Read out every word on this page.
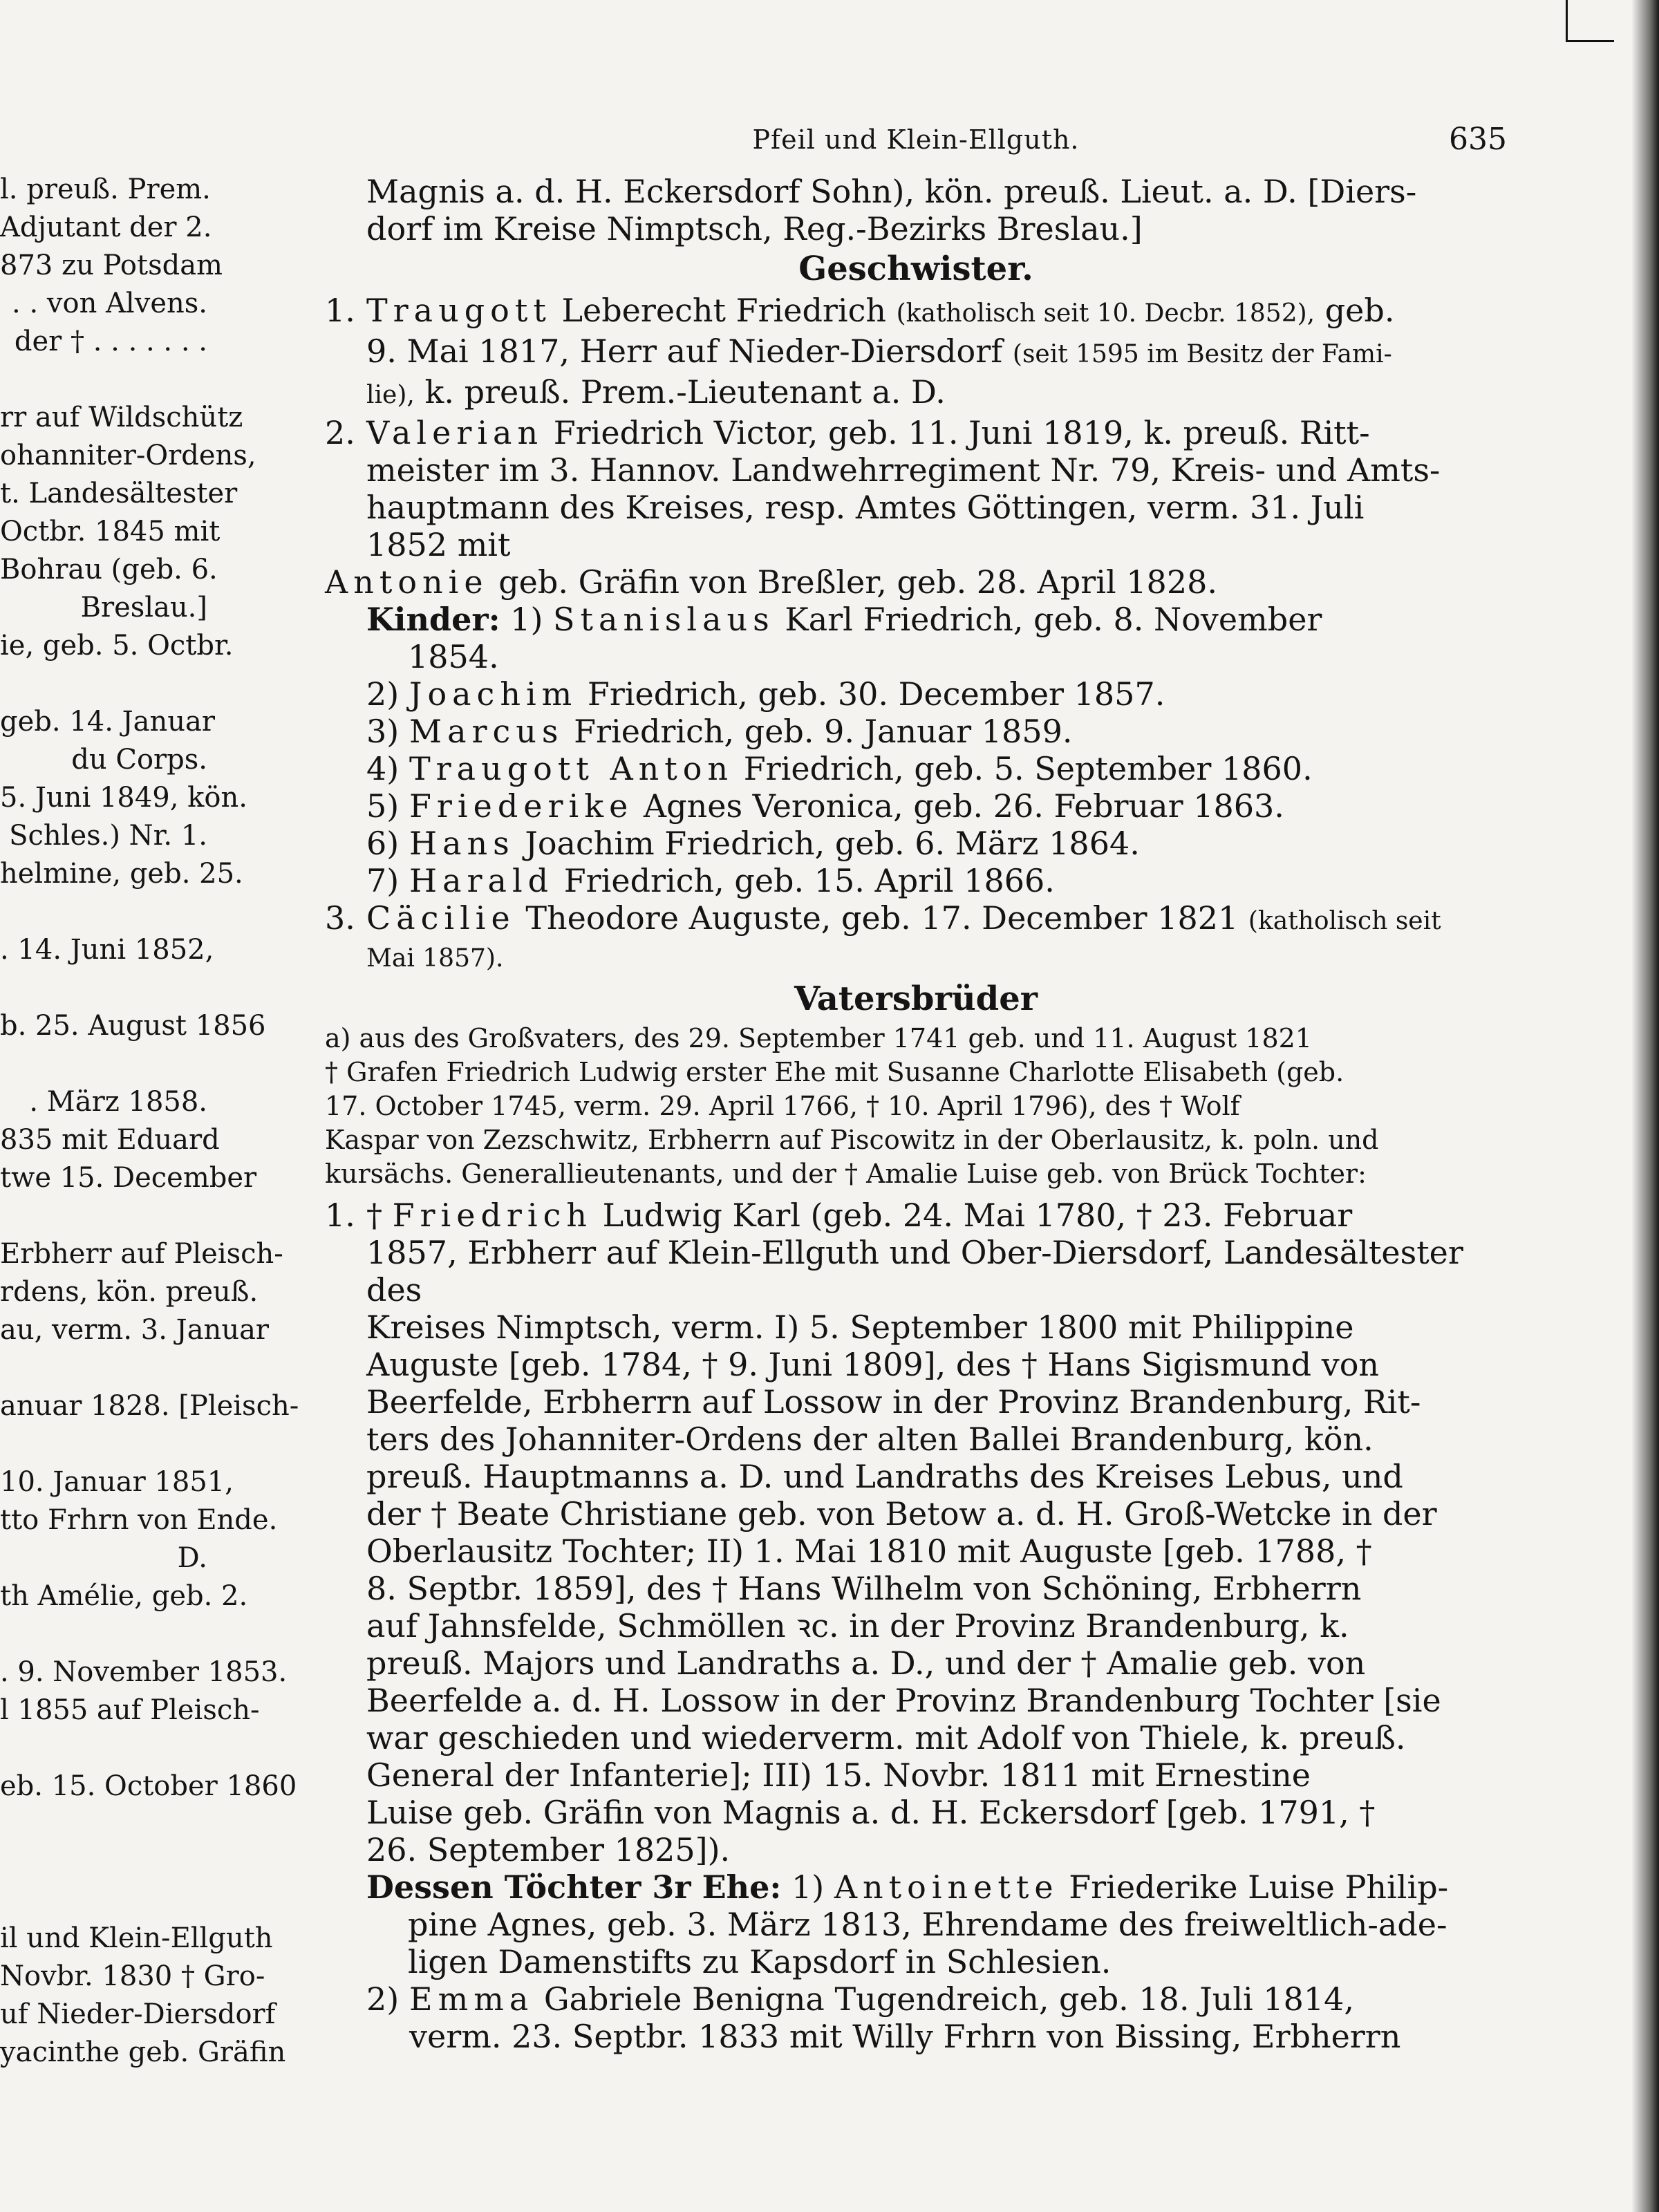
l. preuß. Prem.
Adjutant der 2.
873 zu Potsdam
. . von Alvens.
der † . . . . . . .
rr auf Wildschütz
ohanniter-Ordens,
t. Landesältester
Octbr. 1845 mit
Bohrau (geb. 6.
Breslau.]
ie, geb. 5. Octbr.
geb. 14. Januar
du Corps.
5. Juni 1849, kön.
Schles.) Nr. 1.
helmine, geb. 25.
. 14. Juni 1852,
b. 25. August 1856
. März 1858.
835 mit Eduard
twe 15. December
Erbherr auf Pleisch-
rdens, kön. preuß.
au, verm. 3. Januar
anuar 1828. [Pleisch-
10. Januar 1851,
tto Frhrn von Ende.
D.
th Amélie, geb. 2.
. 9. November 1853.
l 1855 auf Pleisch-
eb. 15. October 1860
il und Klein-Ellguth
Novbr. 1830 † Gro-
uf Nieder-Diersdorf
yacinthe geb. Gräfin
Pfeil und Klein-Ellguth.	635

Magnis a. d. H. Eckersdorf Sohn), kön. preuß. Lieut. a. D. [Diers-

dorf im Kreise Nimptsch, Reg.-Bezirks Breslau.]

Geschwister.
1. Traugott Leberecht Friedrich (katholisch seit 10. Decbr. 1852), geb.
9. Mai 1817, Herr auf Nieder-Diersdorf (seit 1595 im Besitz der Fami-
lie), k. preuß. Prem.-Lieutenant a. D.
2. Valerian Friedrich Victor, geb. 11. Juni 1819, k. preuß. Ritt-
meister im 3. Hannov. Landwehrregiment Nr. 79, Kreis- und Amts-
hauptmann des Kreises, resp. Amtes Göttingen, verm. 31. Juli
1852 mit
Antonie geb. Gräfin von Breßler, geb. 28. April 1828.
Kinder: 1) Stanislaus Karl Friedrich, geb. 8. November
1854.
2) Joachim Friedrich, geb. 30. December 1857.
3) Marcus Friedrich, geb. 9. Januar 1859.
4) Traugott Anton Friedrich, geb. 5. September 1860.
5) Friederike Agnes Veronica, geb. 26. Februar 1863.
6) Hans Joachim Friedrich, geb. 6. März 1864.
7) Harald Friedrich, geb. 15. April 1866.
3. Cäcilie Theodore Auguste, geb. 17. December 1821 (katholisch seit
Mai 1857).
Vatersbrüder
a) aus des Großvaters, des 29. September 1741 geb. und 11. August 1821
† Grafen Friedrich Ludwig erster Ehe mit Susanne Charlotte Elisabeth (geb.
17. October 1745, verm. 29. April 1766, † 10. April 1796), des † Wolf
Kaspar von Zezschwitz, Erbherrn auf Piscowitz in der Oberlausitz, k. poln. und
kursächs. Generallieutenants, und der † Amalie Luise geb. von Brück Tochter:
1. † Friedrich Ludwig Karl (geb. 24. Mai 1780, † 23. Februar
1857, Erbherr auf Klein-Ellguth und Ober-Diersdorf, Landesältester des
Kreises Nimptsch, verm. I) 5. September 1800 mit Philippine
Auguste [geb. 1784, † 9. Juni 1809], des † Hans Sigismund von
Beerfelde, Erbherrn auf Lossow in der Provinz Brandenburg, Rit-
ters des Johanniter-Ordens der alten Ballei Brandenburg, kön.
preuß. Hauptmanns a. D. und Landraths des Kreises Lebus, und
der † Beate Christiane geb. von Betow a. d. H. Groß-Wetcke in der
Oberlausitz Tochter; II) 1. Mai 1810 mit Auguste [geb. 1788, †
8. Septbr. 1859], des † Hans Wilhelm von Schöning, Erbherrn
auf Jahnsfelde, Schmöllen ꝛc. in der Provinz Brandenburg, k.
preuß. Majors und Landraths a. D., und der † Amalie geb. von
Beerfelde a. d. H. Lossow in der Provinz Brandenburg Tochter [sie
war geschieden und wiederverm. mit Adolf von Thiele, k. preuß.
General der Infanterie]; III) 15. Novbr. 1811 mit Ernestine
Luise geb. Gräfin von Magnis a. d. H. Eckersdorf [geb. 1791, †
26. September 1825]).
Dessen Töchter 3r Ehe: 1) Antoinette Friederike Luise Philip-
pine Agnes, geb. 3. März 1813, Ehrendame des freiweltlich-ade-
ligen Damenstifts zu Kapsdorf in Schlesien.
2) Emma Gabriele Benigna Tugendreich, geb. 18. Juli 1814,
verm. 23. Septbr. 1833 mit Willy Frhrn von Bissing, Erbherrn
